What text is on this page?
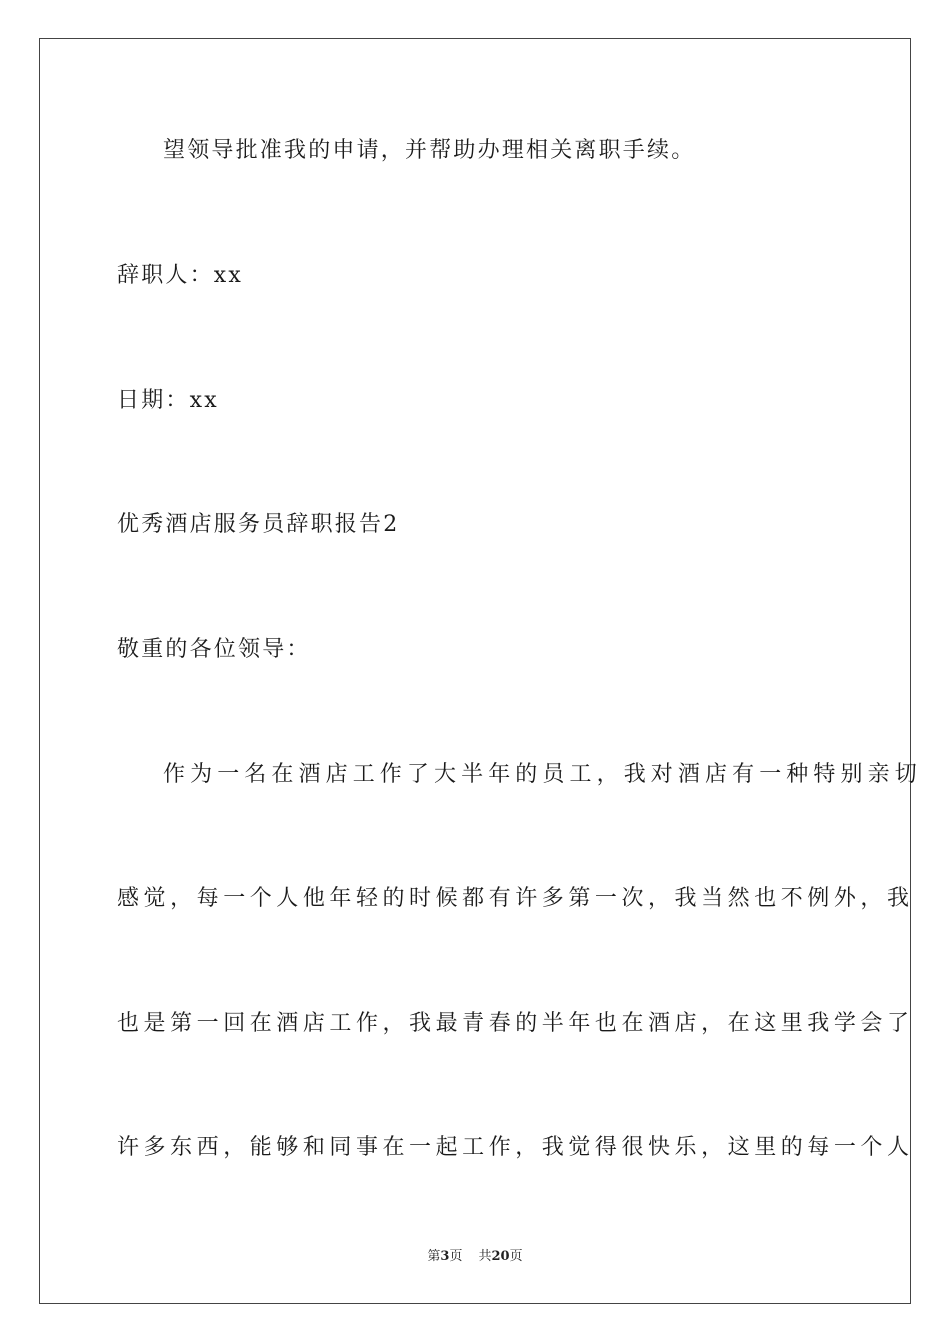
望领导批准我的申请，并帮助办理相关离职手续。
辞职人：xx
日期：xx
优秀酒店服务员辞职报告2
敬重的各位领导：
作为一名在酒店工作了大半年的员工，我对酒店有一种特别亲切
感觉，每一个人他年轻的时候都有许多第一次，我当然也不例外，我
也是第一回在酒店工作，我最青春的半年也在酒店，在这里我学会了
许多东西，能够和同事在一起工作，我觉得很快乐，这里的每一个人
第3页 共20页
